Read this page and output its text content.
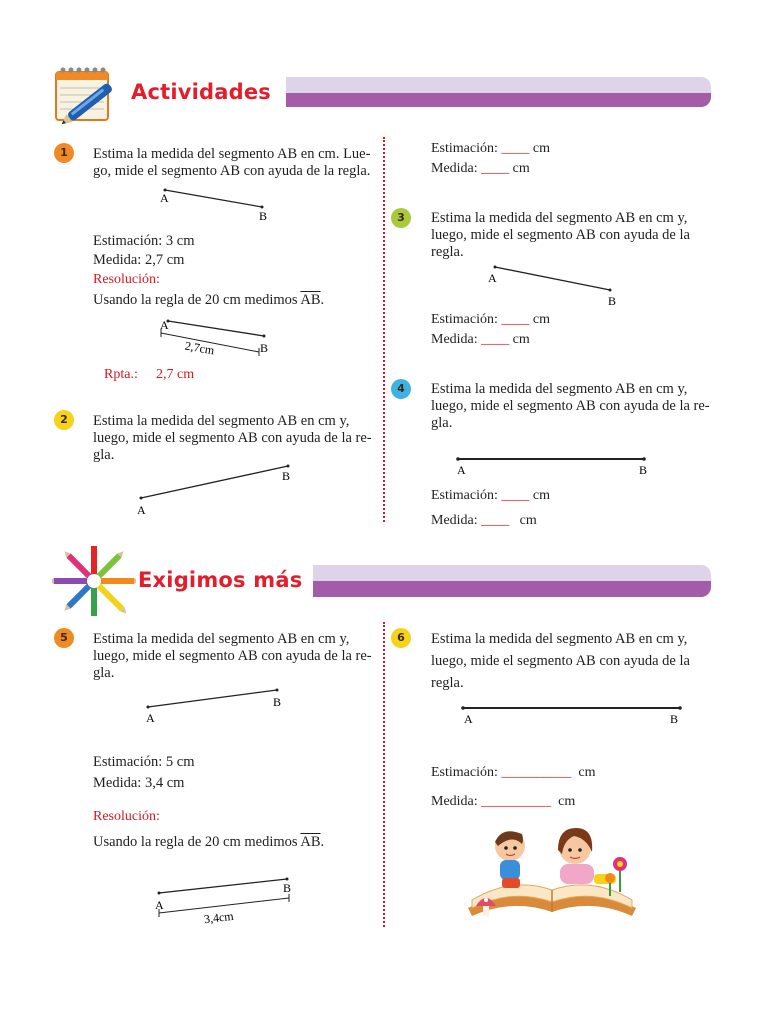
Actividades
1	Estima la medida del segmento AB en cm. Lue-
go, mide el segmento AB con ayuda de la regla.
A
B
Estimación: 3 cm
Medida: 2,7 cm
Resolución:
Usando la regla de 20 cm medimos $\overline{AB}$.
A
B
2,7cm
Rpta.: 2,7 cm
2	Estima la medida del segmento AB en cm y,
luego, mide el segmento AB con ayuda de la re-
gla.
A
B
Estimación: ____ cm
Medida: ____ cm
3	Estima la medida del segmento AB en cm y,
luego, mide el segmento AB con ayuda de la
regla.
A
B
Estimación: ____ cm
Medida: ____ cm
4	Estima la medida del segmento AB en cm y,
luego, mide el segmento AB con ayuda de la re-
gla.
A	B
Estimación: ____ cm
Medida: ____ cm
Exigimos más
5	Estima la medida del segmento AB en cm y,
luego, mide el segmento AB con ayuda de la re-
gla.
A
B
Estimación: 5 cm
Medida: 3,4 cm
Resolución:
Usando la regla de 20 cm medimos $\overline{AB}$.
A
B
3,4cm
6	Estima la medida del segmento AB en cm y,
luego, mide el segmento AB con ayuda de la
regla.
A	B
Estimación: __________ cm
Medida: __________ cm
